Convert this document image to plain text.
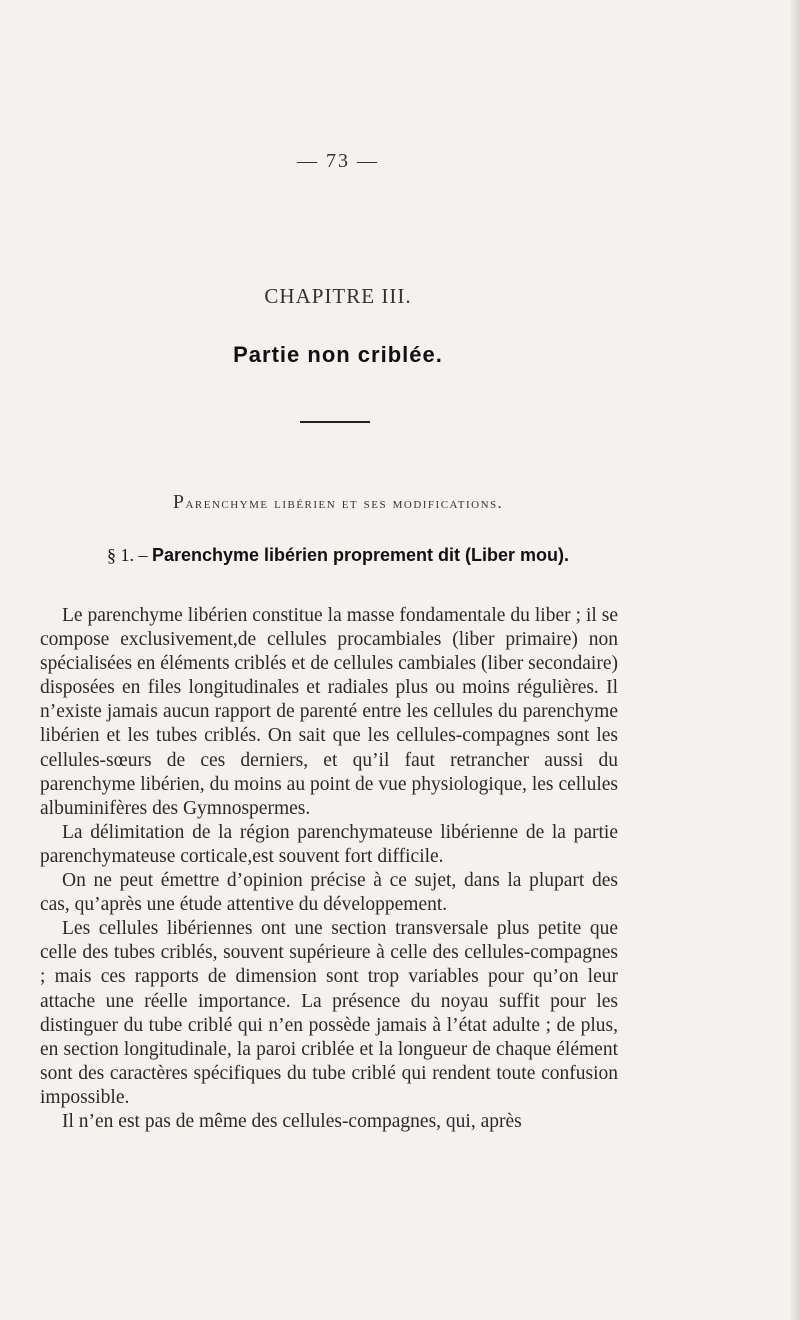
— 73 —
CHAPITRE III.
Partie non criblée.
Parenchyme libérien et ses modifications.
§ 1. – Parenchyme libérien proprement dit (Liber mou).

Le parenchyme libérien constitue la masse fondamentale du liber ; il se compose exclusivement,de cellules procambiales (liber primaire) non spécialisées en éléments criblés et de cellules cambiales (liber secondaire) disposées en files longitudinales et radiales plus ou moins régulières. Il n’existe jamais aucun rapport de parenté entre les cellules du parenchyme libérien et les tubes criblés. On sait que les cellules-compagnes sont les cellules-sœurs de ces derniers, et qu’il faut retrancher aussi du parenchyme libérien, du moins au point de vue physiologique, les cellules albuminifères des Gymnospermes.

La délimitation de la région parenchymateuse libérienne de la partie parenchymateuse corticale,est souvent fort difficile.

On ne peut émettre d’opinion précise à ce sujet, dans la plupart des cas, qu’après une étude attentive du développement.

Les cellules libériennes ont une section transversale plus petite que celle des tubes criblés, souvent supérieure à celle des cellules-compagnes ; mais ces rapports de dimension sont trop variables pour qu’on leur attache une réelle importance. La présence du noyau suffit pour les distinguer du tube criblé qui n’en possède jamais à l’état adulte ; de plus, en section longitudinale, la paroi criblée et la longueur de chaque élément sont des caractères spécifiques du tube criblé qui rendent toute confusion impossible.

Il n’en est pas de même des cellules-compagnes, qui, après
